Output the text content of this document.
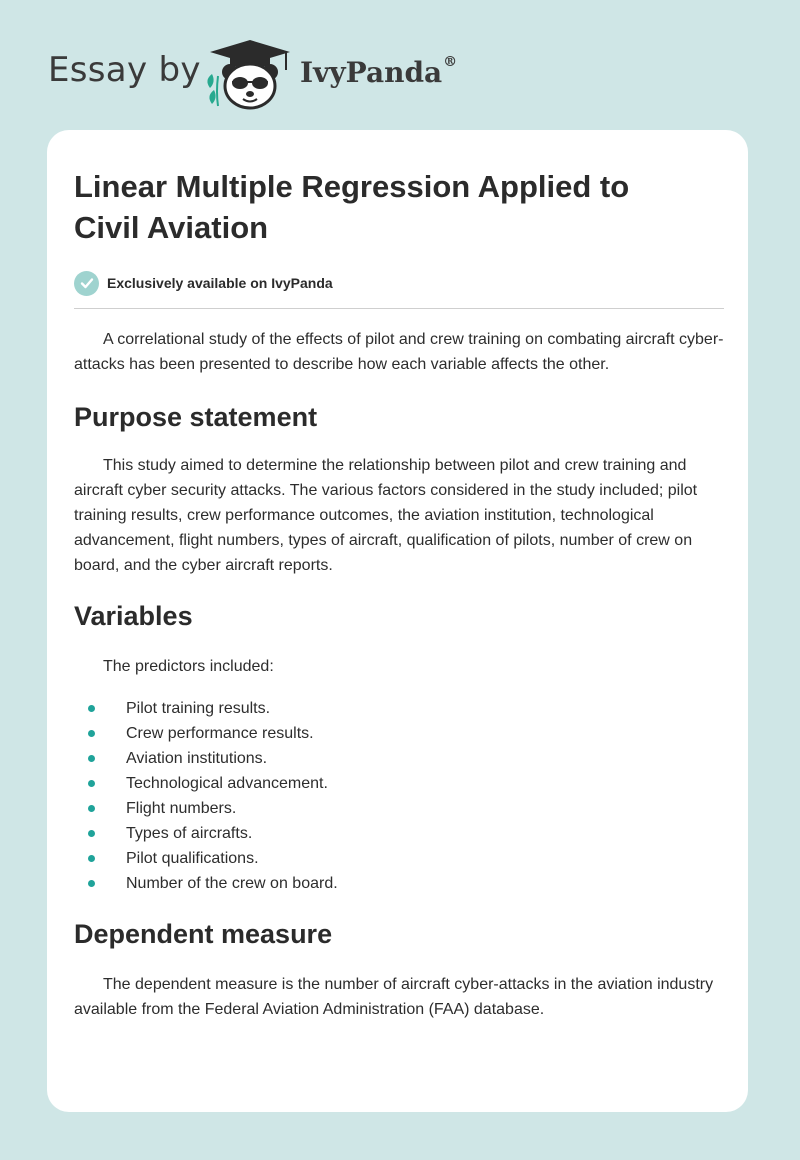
Essay by	IvyPanda®
Linear Multiple Regression Applied to
Civil Aviation
Exclusively available on IvyPanda

A correlational study of the effects of pilot and crew training on combating aircraft cyber-attacks has been presented to describe how each variable affects the other.

Purpose statement

This study aimed to determine the relationship between pilot and crew training and aircraft cyber security attacks. The various factors considered in the study included; pilot training results, crew performance outcomes, the aviation institution, technological advancement, flight numbers, types of aircraft, qualification of pilots, number of crew on board, and the cyber aircraft reports.

Variables

The predictors included:

Pilot training results.
Crew performance results.
Aviation institutions.
Technological advancement.
Flight numbers.
Types of aircrafts.
Pilot qualifications.
Number of the crew on board.
Dependent measure

The dependent measure is the number of aircraft cyber-attacks in the aviation industry available from the Federal Aviation Administration (FAA) database.
